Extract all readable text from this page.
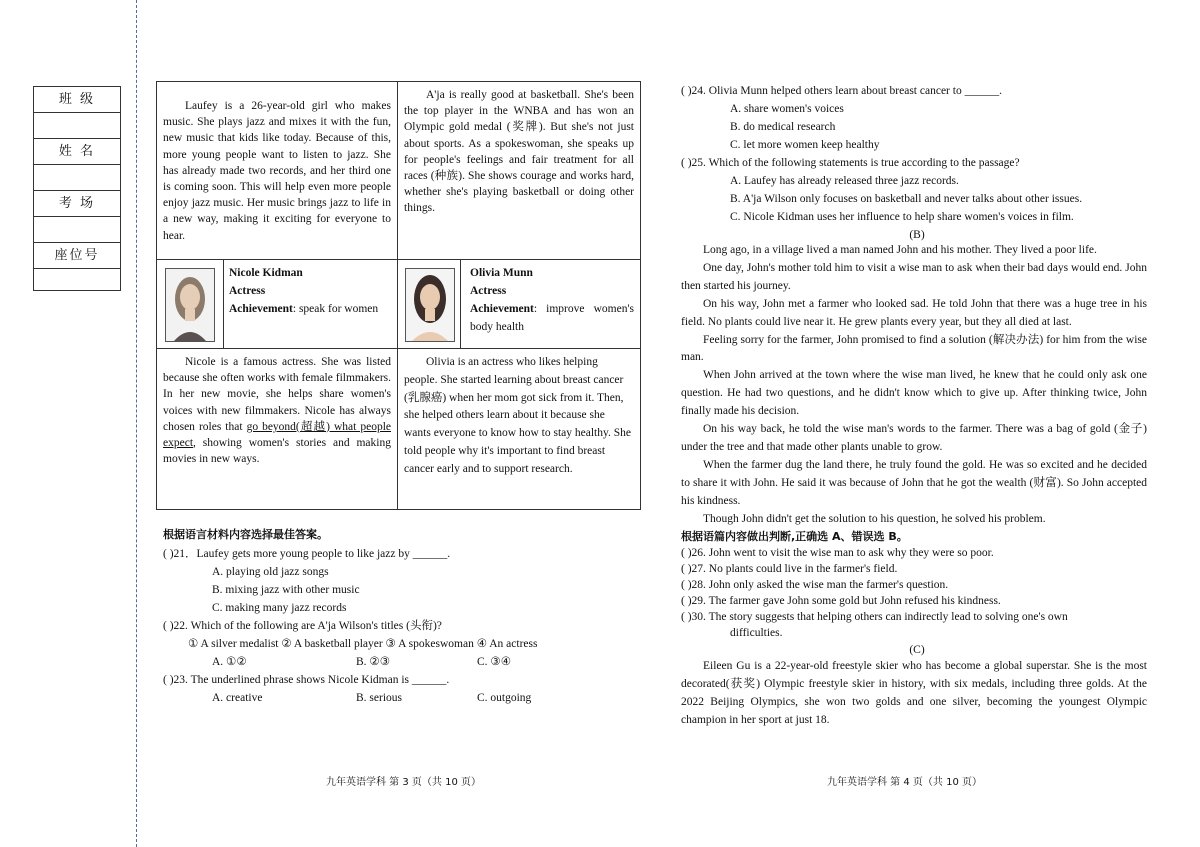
班 级
姓 名
考 场
座位号
Laufey is a 26-year-old girl who makes music. She plays jazz and mixes it with the fun, new music that kids like today. Because of this, more young people want to listen to jazz. She has already made two records, and her third one is coming soon. This will help even more people enjoy jazz music. Her music brings jazz to life in a new way, making it exciting for everyone to hear.
A'ja is really good at basketball. She's been the top player in the WNBA and has won an Olympic gold medal (奖牌). But she's not just about sports. As a spokeswoman, she speaks up for people's feelings and fair treatment for all races (种族). She shows courage and works hard, whether she's playing basketball or doing other things.
Nicole Kidman
Actress
Achievement: speak for women
Olivia Munn
Actress
Achievement: improve women's body health
Nicole is a famous actress. She was listed because she often works with female filmmakers. In her new movie, she helps share women's voices with new filmmakers. Nicole has always chosen roles that go beyond(超越) what people expect, showing women's stories and making movies in new ways.
Olivia is an actress who likes helping people. She started learning about breast cancer (乳腺癌) when her mom got sick from it. Then, she helped others learn about it because she wants everyone to know how to stay healthy. She told people why it's important to find breast cancer early and to support research.
根据语言材料内容选择最佳答案。
( )21．Laufey gets more young people to like jazz by ______.
A. playing old jazz songs
B. mixing jazz with other music
C. making many jazz records
( )22. Which of the following are A'ja Wilson's titles (头衔)?
① A silver medalist ② A basketball player ③ A spokeswoman ④ An actress
A. ①②	B. ②③	C. ③④
( )23. The underlined phrase shows Nicole Kidman is ______.
A. creative	B. serious	C. outgoing
九年英语学科 第 3 页（共 10 页）
( )24. Olivia Munn helped others learn about breast cancer to ______.
A. share women's voices
B. do medical research
C. let more women keep healthy
( )25. Which of the following statements is true according to the passage?
A. Laufey has already released three jazz records.
B. A'ja Wilson only focuses on basketball and never talks about other issues.
C. Nicole Kidman uses her influence to help share women's voices in film.
(B)
Long ago, in a village lived a man named John and his mother. They lived a poor life.
One day, John's mother told him to visit a wise man to ask when their bad days would end. John then started his journey.
On his way, John met a farmer who looked sad. He told John that there was a huge tree in his field. No plants could live near it. He grew plants every year, but they all died at last.
Feeling sorry for the farmer, John promised to find a solution (解决办法) for him from the wise man.
When John arrived at the town where the wise man lived, he knew that he could only ask one question. He had two questions, and he didn't know which to give up. After thinking twice, John finally made his decision.
On his way back, he told the wise man's words to the farmer. There was a bag of gold (金子) under the tree and that made other plants unable to grow.
When the farmer dug the land there, he truly found the gold. He was so excited and he decided to share it with John. He said it was because of John that he got the wealth (财富). So John accepted his kindness.
Though John didn't get the solution to his question, he solved his problem.
根据语篇内容做出判断,正确选 A、错误选 B。
( )26. John went to visit the wise man to ask why they were so poor.
( )27. No plants could live in the farmer's field.
( )28. John only asked the wise man the farmer's question.
( )29. The farmer gave John some gold but John refused his kindness.
( )30. The story suggests that helping others can indirectly lead to solving one's own
difficulties.
(C)
Eileen Gu is a 22-year-old freestyle skier who has become a global superstar. She is the most decorated(获奖) Olympic freestyle skier in history, with six medals, including three golds. At the 2022 Beijing Olympics, she won two golds and one silver, becoming the youngest Olympic champion in her sport at just 18.
九年英语学科 第 4 页（共 10 页）
